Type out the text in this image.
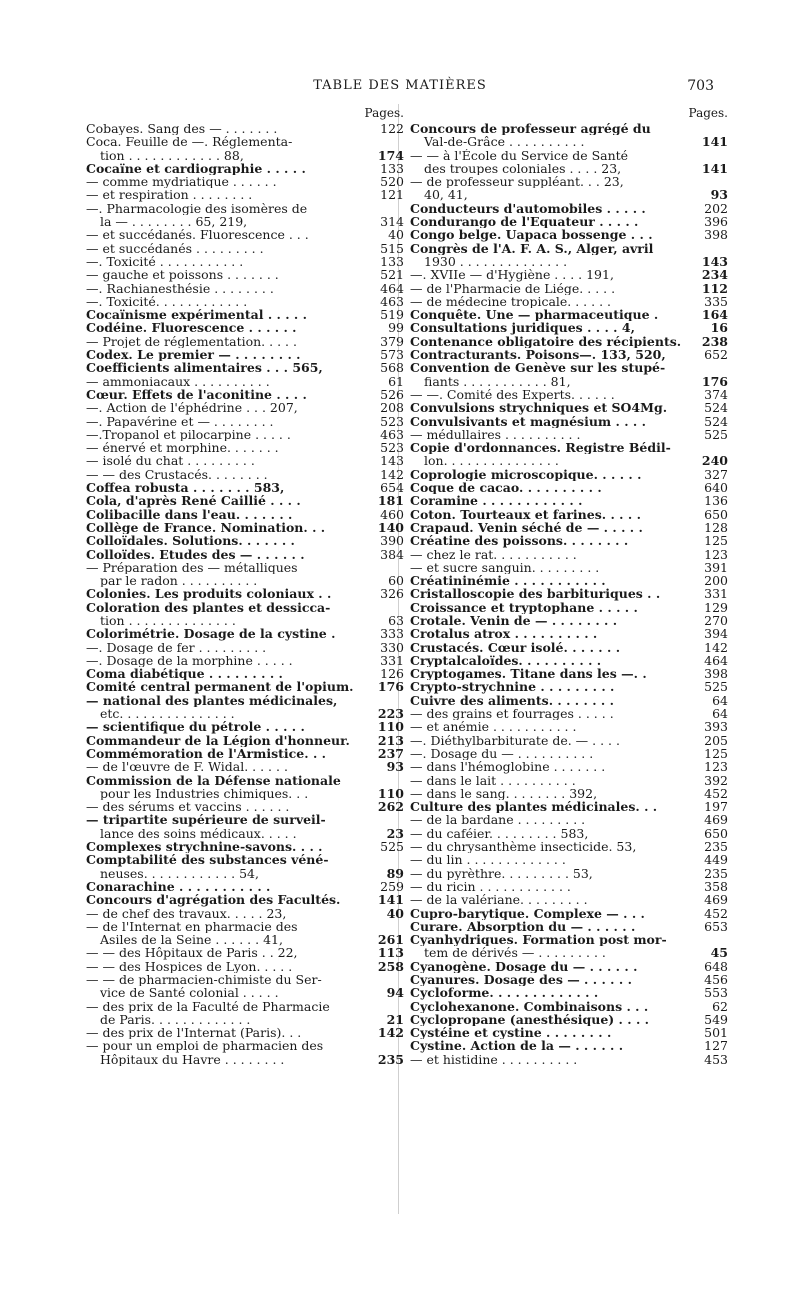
TABLE DES MATIÈRES	703
Pages.
Cobayes. Sang des — . . . . . . .	122
Coca. Feuille de —. Réglementa-
tion . . . . . . . . . . . . 88,	174
Cocaïne et cardiographie . . . . .	133
— comme mydriatique . . . . . .	520
— et respiration . . . . . . . .	121
—. Pharmacologie des isomères de
la — . . . . . . . . 65, 219,	314
— et succédanés. Fluorescence . . .	40
— et succédanés . . . . . . . . .	515
—. Toxicité . . . . . . . . . . .	133
— gauche et poissons . . . . . . .	521
—. Rachianesthésie . . . . . . . .	464
—. Toxicité. . . . . . . . . . . .	463
Cocaïnisme expérimental . . . . .	519
Codéine. Fluorescence . . . . . .	99
— Projet de réglementation. . . . .	379
Codex. Le premier — . . . . . . . .	573
Coefficients alimentaires . . . 565,	568
— ammoniacaux . . . . . . . . . .	61
Cœur. Effets de l'aconitine . . . .	526
—. Action de l'éphédrine . . . 207,	208
—. Papavérine et — . . . . . . . .	523
—.Tropanol et pilocarpine . . . . .	463
— énervé et morphine. . . . . . .	523
— isolé du chat . . . . . . . . .	143
— — des Crustacés. . . . . . . .	142
Coffea robusta . . . . . . . 583,	654
Cola, d'après René Caillié . . . .	181
Colibacille dans l'eau. . . . . . .	460
Collège de France. Nomination. . .	140
Colloïdales. Solutions. . . . . . .	390
Colloïdes. Etudes des — . . . . . .	384
— Préparation des — métalliques
par le radon . . . . . . . . . .	60
Colonies. Les produits coloniaux . .	326
Coloration des plantes et dessicca-
tion . . . . . . . . . . . . . .	63
Colorimétrie. Dosage de la cystine .	333
—. Dosage de fer . . . . . . . . .	330
—. Dosage de la morphine . . . . .	331
Coma diabétique . . . . . . . . .	126
Comité central permanent de l'opium.	176
— national des plantes médicinales,
etc. . . . . . . . . . . . . . .	223
— scientifique du pétrole . . . . .	110
Commandeur de la Légion d'honneur.	213
Commémoration de l'Armistice. . .	237
— de l'œuvre de F. Widal. . . . . .	93
Commission de la Défense nationale
pour les Industries chimiques. . .	110
— des sérums et vaccins . . . . . .	262
— tripartite supérieure de surveil-
lance des soins médicaux. . . . .	23
Complexes strychnine-savons. . . .	525
Comptabilité des substances véné-
neuses. . . . . . . . . . . . 54,	89
Conarachine . . . . . . . . . . .	259
Concours d'agrégation des Facultés.	141
— de chef des travaux. . . . . 23,	40
— de l'Internat en pharmacie des
Asiles de la Seine . . . . . . 41,	261
— — des Hôpitaux de Paris . . 22,	113
— — des Hospices de Lyon. . . . .	258
— — de pharmacien-chimiste du Ser-
vice de Santé colonial . . . . .	94
— des prix de la Faculté de Pharmacie
de Paris. . . . . . . . . . . . .	21
— des prix de l'Internat (Paris). . .	142
— pour un emploi de pharmacien des
Hôpitaux du Havre . . . . . . . .	235
Pages.
Concours de professeur agrégé du
Val-de-Grâce . . . . . . . . . .	141
— — à l'École du Service de Santé
des troupes coloniales . . . . 23,	141
— de professeur suppléant. . . 23,
40, 41,	93
Conducteurs d'automobiles . . . . .	202
Condurango de l'Equateur . . . . .	396
Congo belge. Uapaca bossenge . . .	398
Congrès de l'A. F. A. S., Alger, avril
1930 . . . . . . . . . . . . . .	143
—. XVIIe — d'Hygiène . . . . 191,	234
— de l'Pharmacie de Liége. . . . .	112
— de médecine tropicale. . . . . .	335
Conquête. Une — pharmaceutique .	164
Consultations juridiques . . . . 4,	16
Contenance obligatoire des récipients.	238
Contracturants. Poisons—. 133, 520,	652
Convention de Genève sur les stupé-
fiants . . . . . . . . . . . 81,	176
— —. Comité des Experts. . . . . .	374
Convulsions strychniques et SO4Mg.	524
Convulsivants et magnésium . . . .	524
— médullaires . . . . . . . . . .	525
Copie d'ordonnances. Registre Bédil-
lon. . . . . . . . . . . . . . .	240
Coprologie microscopique. . . . . .	327
Coque de cacao. . . . . . . . . .	640
Coramine . . . . . . . . . . . .	136
Coton. Tourteaux et farines. . . . .	650
Crapaud. Venin séché de — . . . . .	128
Créatine des poissons. . . . . . . .	125
— chez le rat. . . . . . . . . . .	123
— et sucre sanguin. . . . . . . . .	391
Créatininémie . . . . . . . . . . .	200
Cristalloscopie des barbituriques . .	331
Croissance et tryptophane . . . . .	129
Crotale. Venin de — . . . . . . . .	270
Crotalus atrox . . . . . . . . . .	394
Crustacés. Cœur isolé. . . . . . .	142
Cryptalcaloïdes. . . . . . . . . .	464
Cryptogames. Titane dans les —. .	398
Crypto-strychnine . . . . . . . . .	525
Cuivre des aliments. . . . . . . .	64
— des grains et fourrages . . . . .	64
— et anémie . . . . . . . . . . .	393
—. Diéthylbarbiturate de. — . . . .	205
—. Dosage du — . . . . . . . . . .	125
— dans l'hémoglobine . . . . . . .	123
— dans le lait . . . . . . . . . .	392
— dans le sang. . . . . . . . 392,	452
Culture des plantes médicinales. . .	197
— de la bardane . . . . . . . . .	469
— du caféier. . . . . . . . . 583,	650
— du chrysanthème insecticide. 53,	235
— du lin . . . . . . . . . . . . .	449
— du pyrèthre. . . . . . . . . 53,	235
— du ricin . . . . . . . . . . . .	358
— de la valériane. . . . . . . . .	469
Cupro-barytique. Complexe — . . .	452
Curare. Absorption du — . . . . . .	653
Cyanhydriques. Formation post mor-
tem de dérivés — . . . . . . . . .	45
Cyanogène. Dosage du — . . . . . .	648
Cyanures. Dosage des — . . . . . .	456
Cycloforme. . . . . . . . . . . . .	553
Cyclohexanone. Combinaisons . . .	62
Cyclopropane (anesthésique) . . . .	549
Cystéine et cystine . . . . . . . .	501
Cystine. Action de la — . . . . . .	127
— et histidine . . . . . . . . . .	453
